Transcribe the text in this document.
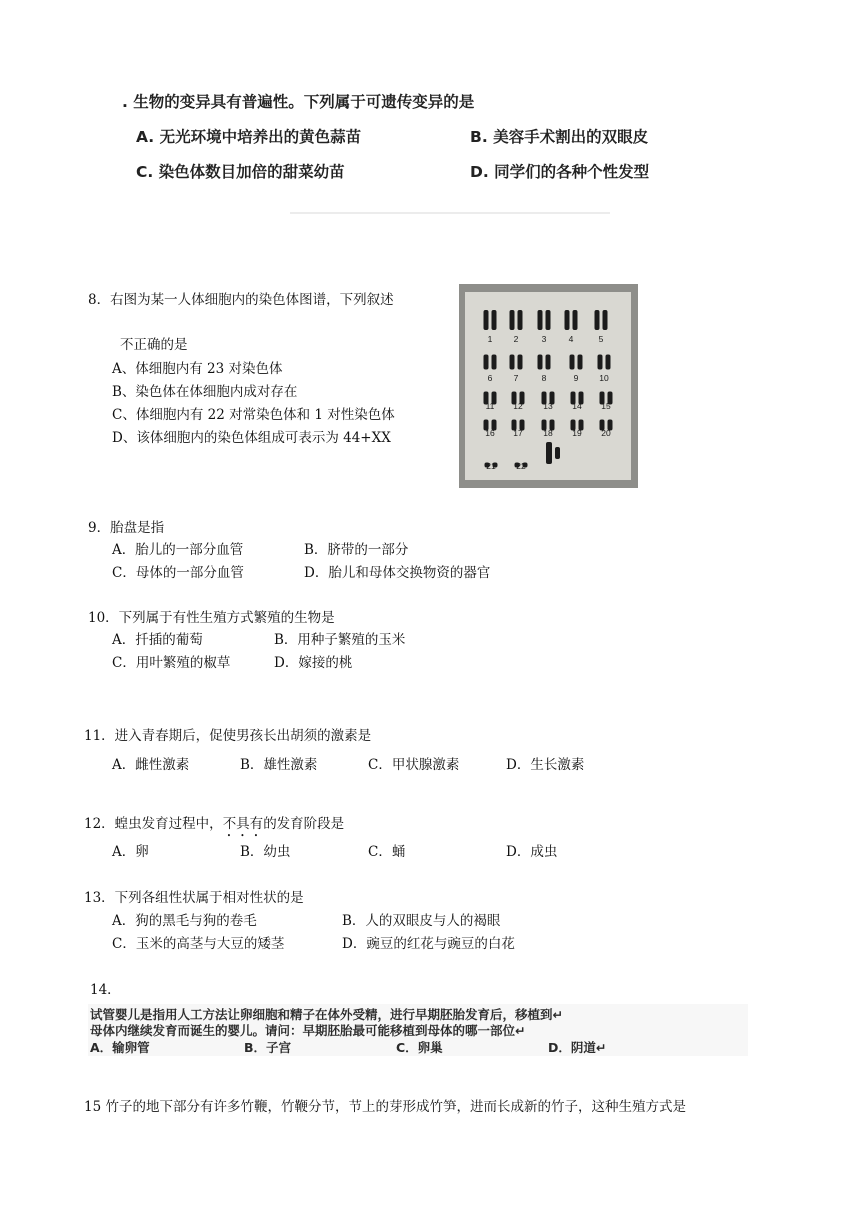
. 生物的变异具有普遍性。下列属于可遗传变异的是
A. 无光环境中培养出的黄色蒜苗	B. 美容手术割出的双眼皮
C. 染色体数目加倍的甜菜幼苗	D. 同学们的各种个性发型
8．右图为某一人体细胞内的染色体图谱，下列叙述
不正确的是
A、体细胞内有 23 对染色体
B、染色体在体细胞内成对存在
C、体细胞内有 22 对常染色体和 1 对性染色体
D、该体细胞内的染色体组成可表示为 44+XX
1	2	3	4	5
6	7	8	9 10
11 12 13 14 15
16 17 18 19 20
21 22
9．胎盘是指
A．胎儿的一部分血管	B．脐带的一部分
C．母体的一部分血管	D．胎儿和母体交换物资的器官
10．下列属于有性生殖方式繁殖的生物是
A．扦插的葡萄	B．用种子繁殖的玉米
C．用叶繁殖的椒草	D．嫁接的桃
11．进入青春期后，促使男孩长出胡须的激素是
A．雌性激素	B．雄性激素	C．甲状腺激素	D．生长激素
12．蝗虫发育过程中，不具有的发育阶段是
A．卵	B．幼虫	C．蛹	D．成虫
13．下列各组性状属于相对性状的是
A．狗的黑毛与狗的卷毛	B．人的双眼皮与人的褐眼
C．玉米的高茎与大豆的矮茎	D．豌豆的红花与豌豆的白花
14．
试管婴儿是指用人工方法让卵细胞和精子在体外受精，进行早期胚胎发育后，移植到↵
母体内继续发育而诞生的婴儿。请问：早期胚胎最可能移植到母体的哪一部位↵
A．输卵管	B．子宫	C．卵巢	D．阴道↵
15 竹子的地下部分有许多竹鞭，竹鞭分节，节上的芽形成竹笋，进而长成新的竹子，这种生殖方式是
